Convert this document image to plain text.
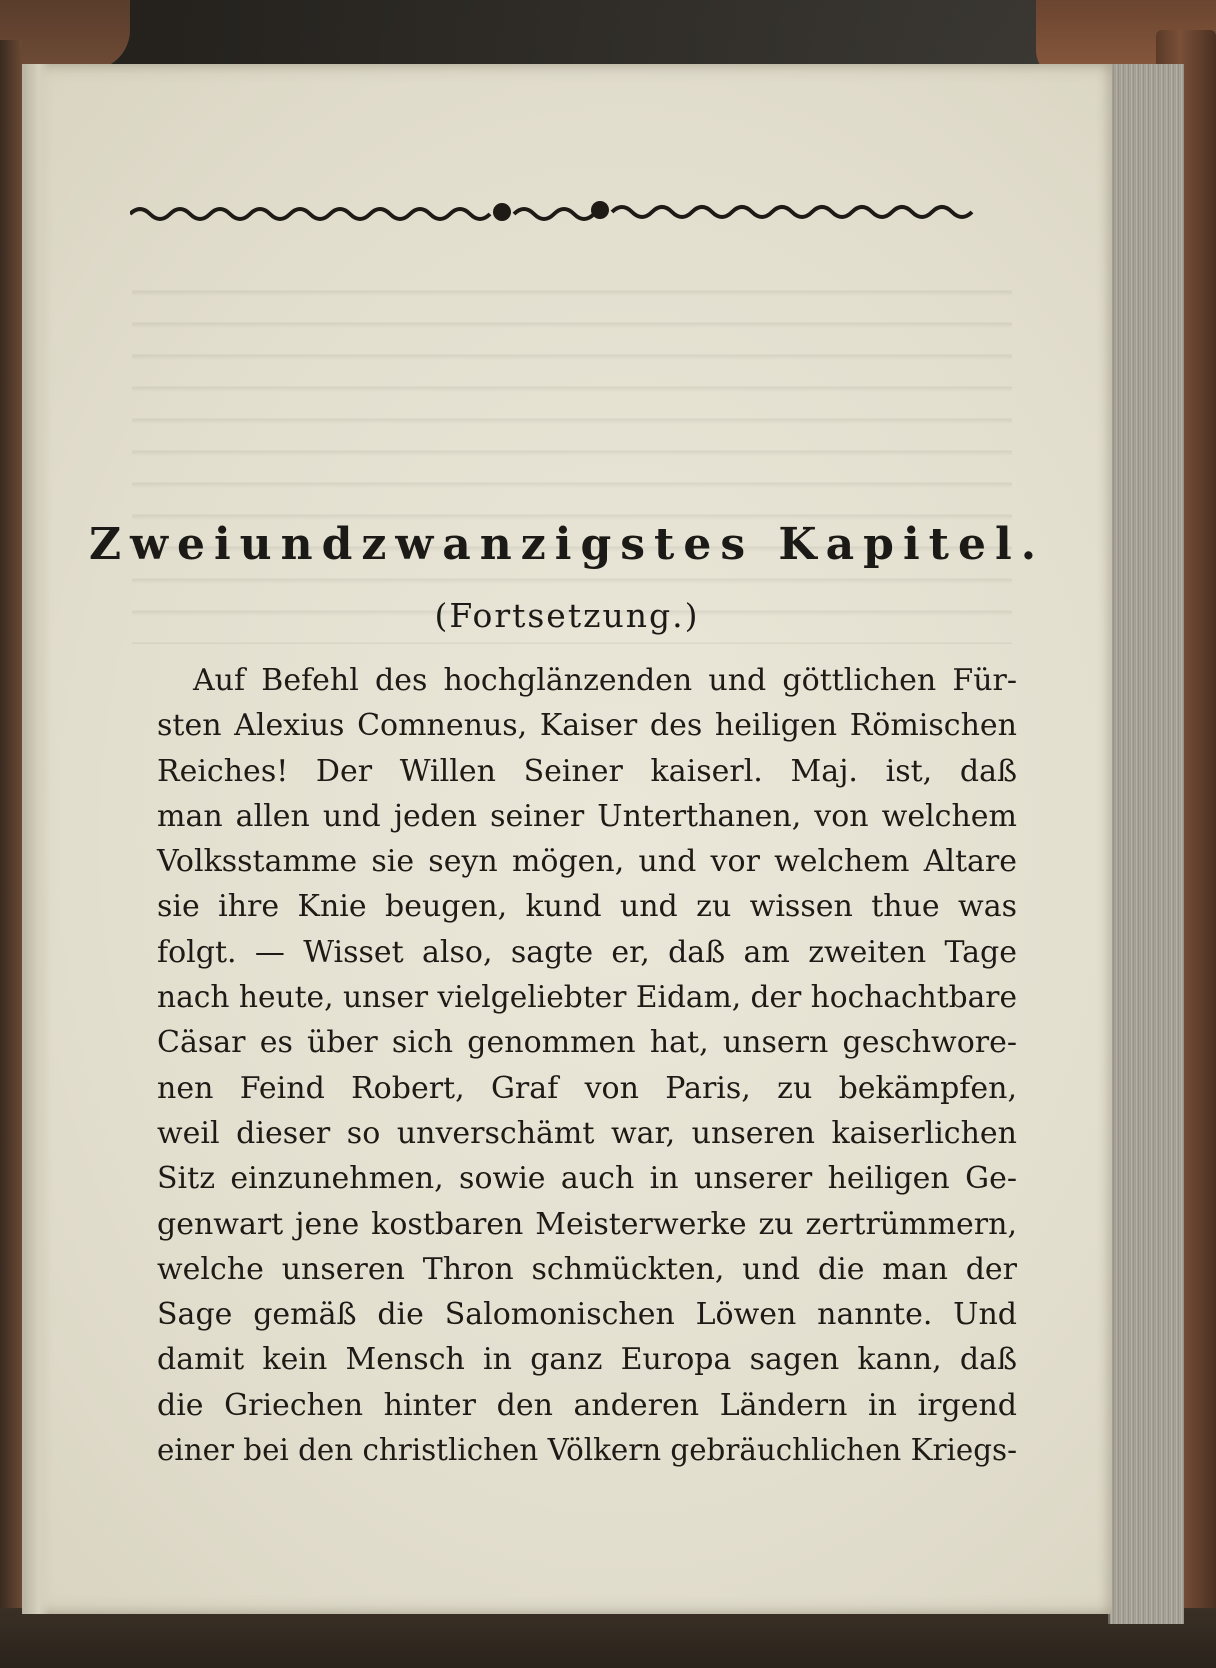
Zweiundzwanzigstes Kapitel.
(Fortsetzung.)
Auf Befehl des hochglänzenden und göttlichen Für-
sten Alexius Comnenus, Kaiser des heiligen Römischen
Reiches! Der Willen Seiner kaiserl. Maj. ist, daß
man allen und jeden seiner Unterthanen, von welchem
Volksstamme sie seyn mögen, und vor welchem Altare
sie ihre Knie beugen, kund und zu wissen thue was
folgt. — Wisset also, sagte er, daß am zweiten Tage
nach heute, unser vielgeliebter Eidam, der hochachtbare
Cäsar es über sich genommen hat, unsern geschwore-
nen Feind Robert, Graf von Paris, zu bekämpfen,
weil dieser so unverschämt war, unseren kaiserlichen
Sitz einzunehmen, sowie auch in unserer heiligen Ge-
genwart jene kostbaren Meisterwerke zu zertrümmern,
welche unseren Thron schmückten, und die man der
Sage gemäß die Salomonischen Löwen nannte. Und
damit kein Mensch in ganz Europa sagen kann, daß
die Griechen hinter den anderen Ländern in irgend
einer bei den christlichen Völkern gebräuchlichen Kriegs-
